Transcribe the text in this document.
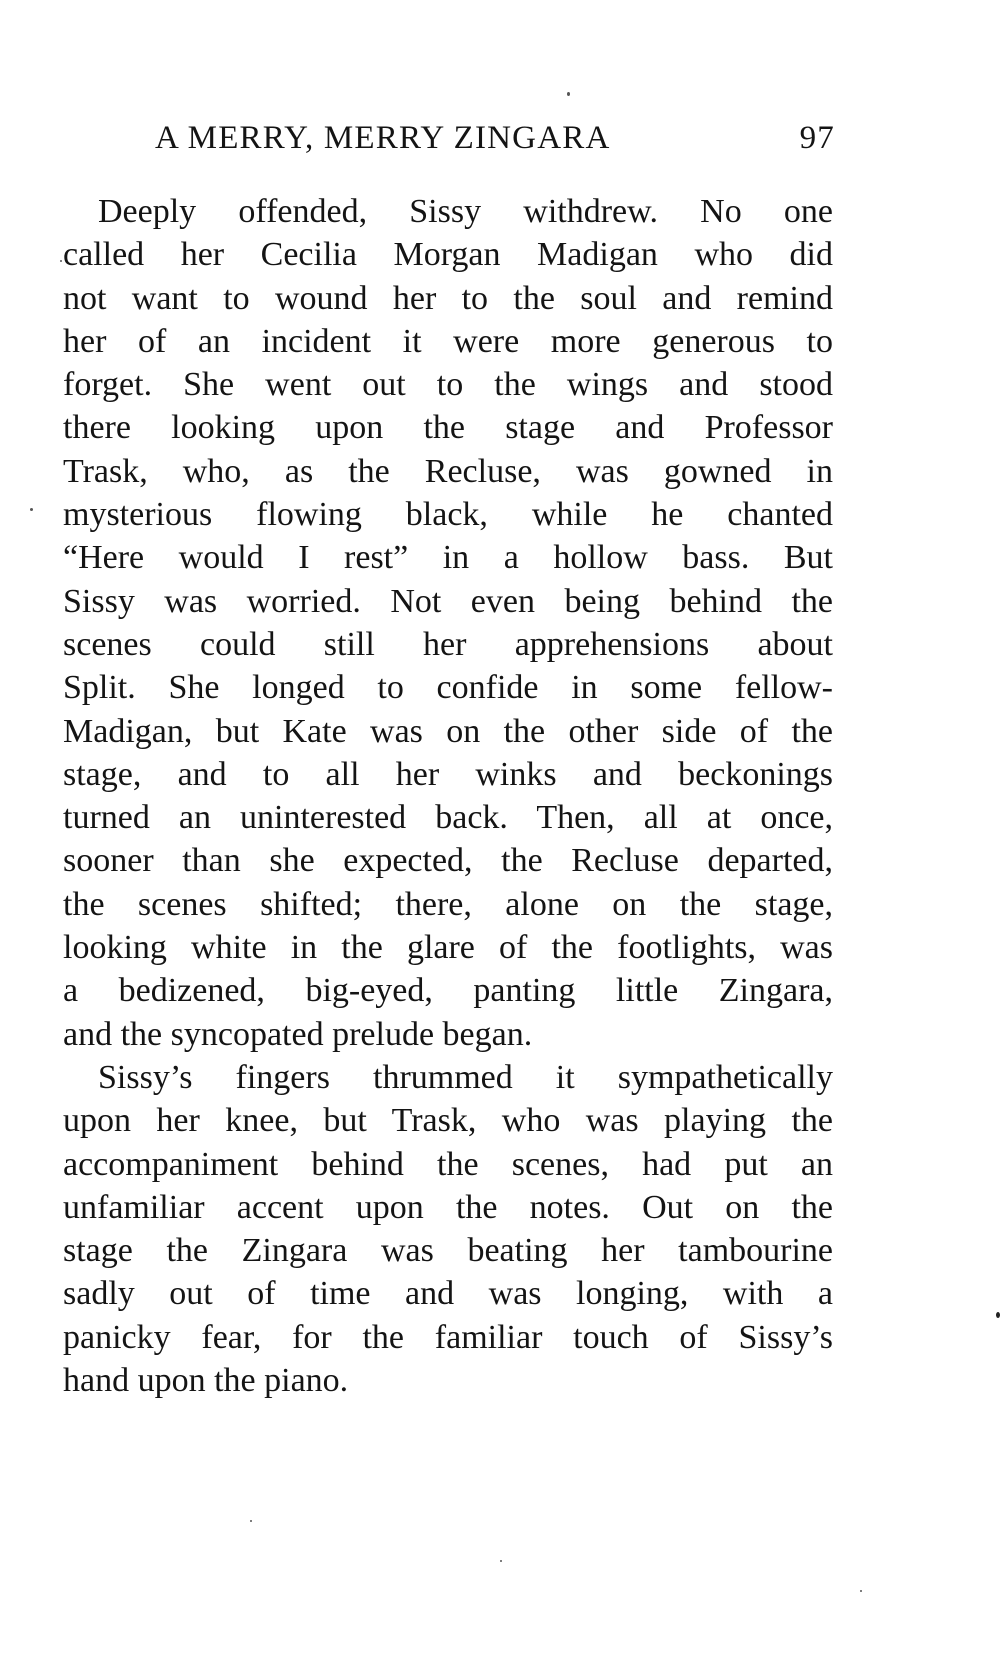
A MERRY, MERRY ZINGARA	97
Deeply offended, Sissy withdrew. No one
called her Cecilia Morgan Madigan who did
not want to wound her to the soul and remind
her of an incident it were more generous to
forget. She went out to the wings and stood
there looking upon the stage and Professor
Trask, who, as the Recluse, was gowned in
mysterious flowing black, while he chanted
“Here would I rest” in a hollow bass. But
Sissy was worried. Not even being behind the
scenes could still her apprehensions about
Split. She longed to confide in some fellow-
Madigan, but Kate was on the other side of the
stage, and to all her winks and beckonings
turned an uninterested back. Then, all at once,
sooner than she expected, the Recluse departed,
the scenes shifted; there, alone on the stage,
looking white in the glare of the footlights, was
a bedizened, big-eyed, panting little Zingara,
and the syncopated prelude began.
Sissy’s fingers thrummed it sympathetically
upon her knee, but Trask, who was playing the
accompaniment behind the scenes, had put an
unfamiliar accent upon the notes. Out on the
stage the Zingara was beating her tambourine
sadly out of time and was longing, with a
panicky fear, for the familiar touch of Sissy’s
hand upon the piano.
